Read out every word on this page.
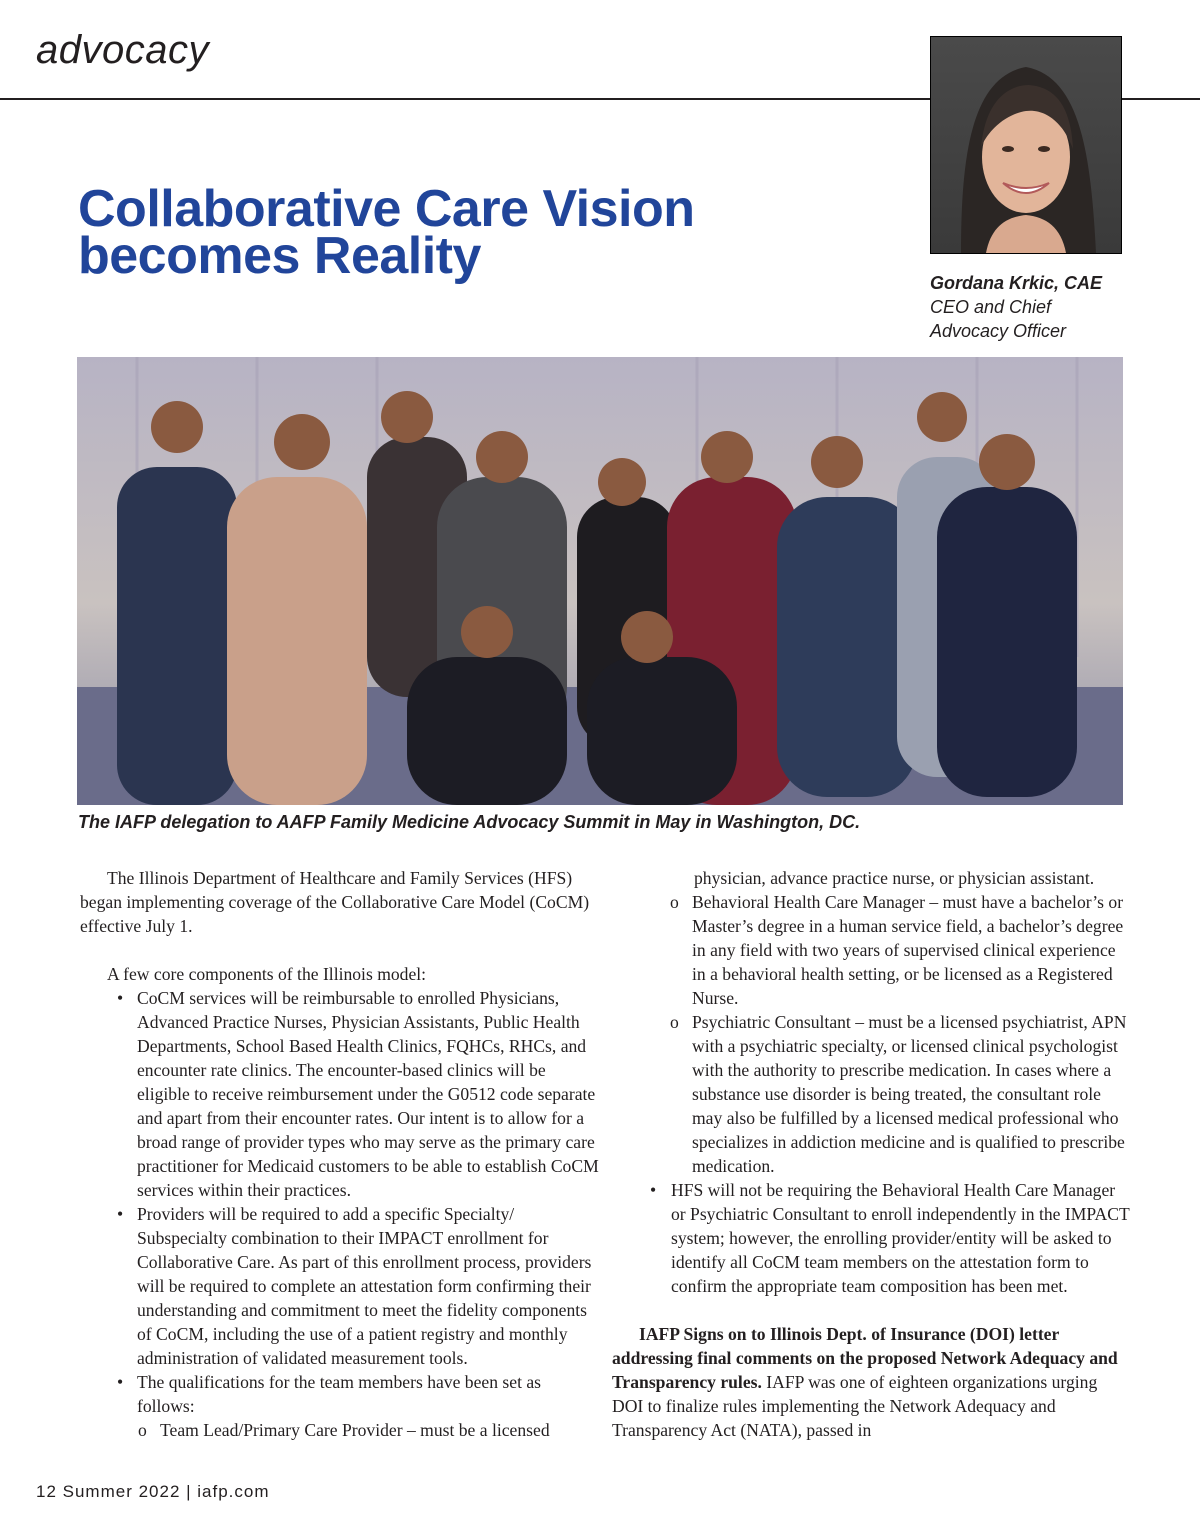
advocacy
Collaborative Care Vision
becomes Reality	Gordana Krkic, CAE
CEO and Chief Advocacy Officer
The IAFP delegation to AAFP Family Medicine Advocacy Summit in May in Washington, DC.

The Illinois Department of Healthcare and Family Services (HFS) began implementing coverage of the Collaborative Care Model (CoCM) effective July 1.

A few core components of the Illinois model:

• CoCM services will be reimbursable to enrolled Physicians, Advanced Practice Nurses, Physician Assistants, Public Health Departments, School Based Health Clinics, FQHCs, RHCs, and encounter rate clinics. The encounter-based clinics will be eligible to receive reimbursement under the G0512 code separate and apart from their encounter rates. Our intent is to allow for a broad range of provider types who may serve as the primary care practitioner for Medicaid customers to be able to establish CoCM services within their practices.
• Providers will be required to add a specific Specialty/ Subspecialty combination to their IMPACT enrollment for Collaborative Care. As part of this enrollment process, providers will be required to complete an attestation form confirming their understanding and commitment to meet the fidelity components of CoCM, including the use of a patient registry and monthly administration of validated measurement tools.
• The qualifications for the team members have been set as follows:
o Team Lead/Primary Care Provider – must be a licensed

physician, advance practice nurse, or physician assistant.

o Behavioral Health Care Manager – must have a bachelor’s or Master’s degree in a human service field, a bachelor’s degree in any field with two years of supervised clinical experience in a behavioral health setting, or be licensed as a Registered Nurse.
o Psychiatric Consultant – must be a licensed psychiatrist, APN with a psychiatric specialty, or licensed clinical psychologist with the authority to prescribe medication. In cases where a substance use disorder is being treated, the consultant role may also be fulfilled by a licensed medical professional who specializes in addiction medicine and is qualified to prescribe medication.
• HFS will not be requiring the Behavioral Health Care Manager or Psychiatric Consultant to enroll independently in the IMPACT system; however, the enrolling provider/entity will be asked to identify all CoCM team members on the attestation form to confirm the appropriate team composition has been met.

IAFP Signs on to Illinois Dept. of Insurance (DOI) letter addressing final comments on the proposed Network Adequacy and Transparency rules. IAFP was one of eighteen organizations urging DOI to finalize rules implementing the Network Adequacy and Transparency Act (NATA), passed in

12 Summer 2022 | iafp.com
